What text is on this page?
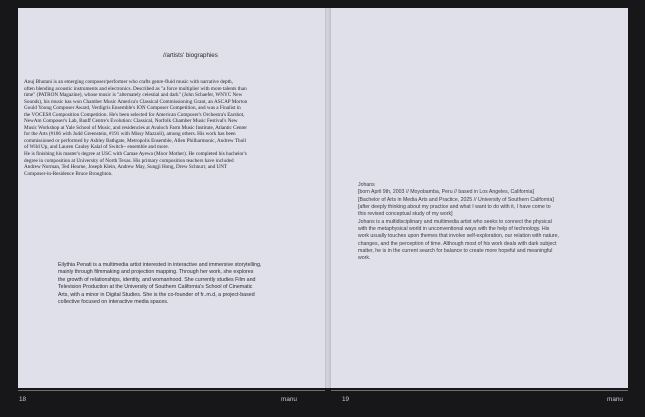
//artists' biographies

Anuj Bhutani is an emerging composer/performer who crafts genre-fluid music with narrative depth,

often blending acoustic instruments and electronics. Described as "a force multiplier with more talents than

time" (PATRON Magazine), whose music is "alternately celestial and dark" (John Schaefer, WNYC New

Sounds), his music has won Chamber Music America's Classical Commissioning Grant, an ASCAP Morton

Gould Young Composer Award, Verdigris Ensemble's ION Composer Competition, and was a Finalist in

the VOCES8 Composition Competition. He's been selected for American Composer's Orchestra's Earshot,

NewAm Composer's Lab, Banff Centre's Evolution: Classical, Norfolk Chamber Music Festival's New

Music Workshop at Yale School of Music, and residencies at Avaloch Farm Music Institute, Atlantic Center

for the Arts (#186 with Judd Greenstein, #191 with Missy Mazzoli), among others. His work has been

commissioned or performed by Ashley Bathgate, Metropolis Ensemble, Allen Philharmonic, Andrew Tholl

of Wild Up, and Lauren Cauley Kalal of Switch~ ensemble and more.

He is finishing his master's degree at USC with Camae Ayewa (Moor Mother). He completed his bachelor's

degree in composition at University of North Texas. His primary composition teachers have included

Andrew Norman, Ted Hearne, Joseph Klein, Andrew May, Sungji Hong, Drew Schnurr, and UNT

Composer-in-Residence Bruce Broughton.

Eilythia Penati is a multimedia artist interested in interactive and immersive storytelling,
mainly through filmmaking and projection mapping. Through her work, she explores
the growth of relationships, identity, and womanhood. She currently studies Film and
Television Production at the University of Southern California's School of Cinematic
Arts, with a minor in Digital Studies. She is the co-founder of fr..m.d, a project-based
collective focused on interactive media spaces.
Johans
[born April 9th, 2003 // Moyobamba, Peru // based in Los Angeles, California]
[Bachelor of Arts in Media Arts and Practice, 2025 // University of Southern California]
[after deeply thinking about my practice and what I want to do with it, I have come to
this revised conceptual study of my work]
Johans is a multidisciplinary and multimedia artist who seeks to connect the physical
with the metaphysical world in unconventional ways with the help of technology. His
work usually touches upon themes that involve self-exploration, our relation with nature,
changes, and the perception of time. Although most of his work deals with dark subject
matter, he is in the current search for balance to create more hopeful and meaningful
work.
18	manu	19	manu
